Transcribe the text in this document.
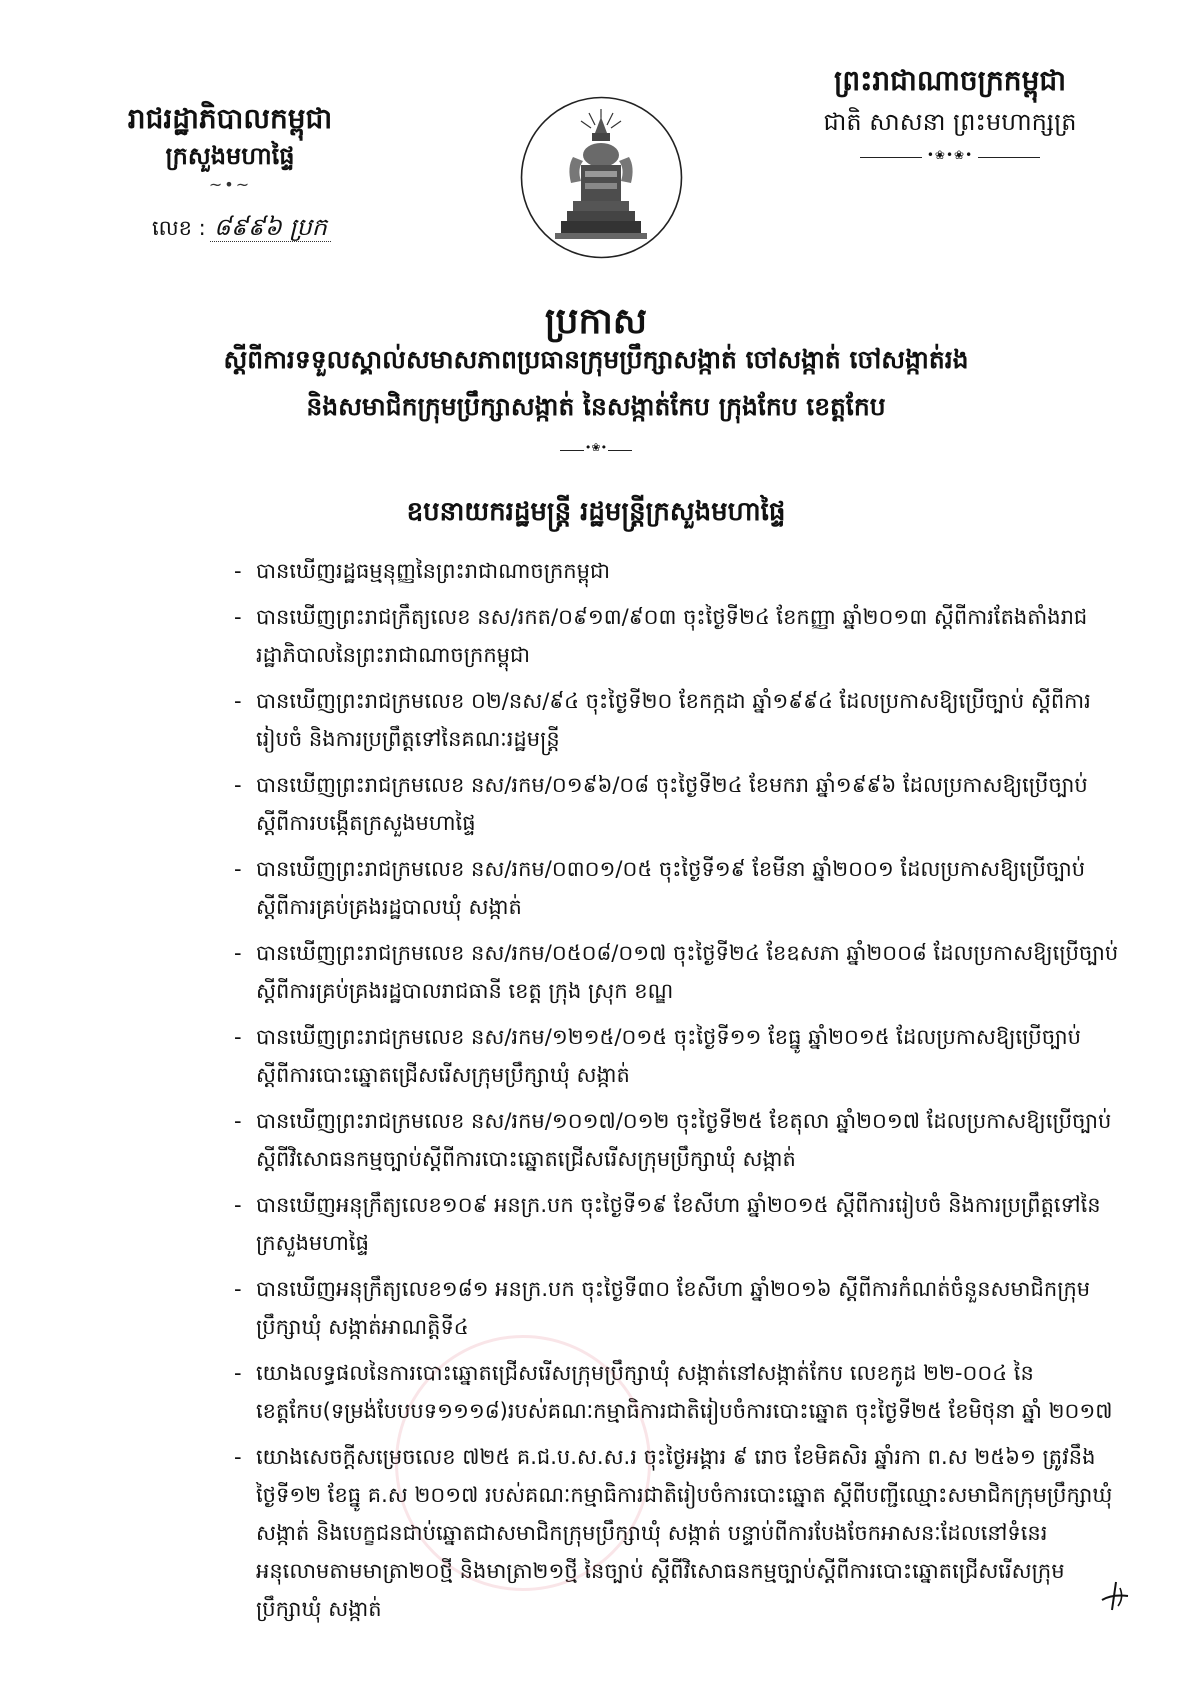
រាជរដ្ឋាភិបាលកម្ពុជា
ក្រសួងមហាផ្ទៃ
~•~
លេខ : ៨៩៩៦ ប្រក
ព្រះរាជាណាចក្រកម្ពុជា
ជាតិ សាសនា ព្រះមហាក្សត្រ
•❀•❀•
ប្រកាស
ស្តីពីការទទួលស្គាល់សមាសភាពប្រធានក្រុមប្រឹក្សាសង្កាត់ ចៅសង្កាត់ ចៅសង្កាត់រង
និងសមាជិកក្រុមប្រឹក្សាសង្កាត់ នៃសង្កាត់កែប ក្រុងកែប ខេត្តកែប
•❀•
ឧបនាយករដ្ឋមន្ត្រី រដ្ឋមន្ត្រីក្រសួងមហាផ្ទៃ
- បានឃើញរដ្ឋធម្មនុញ្ញនៃព្រះរាជាណាចក្រកម្ពុជា
- បានឃើញព្រះរាជក្រឹត្យលេខ នស/រកត/០៩១៣/៩០៣ ចុះថ្ងៃទី២៤ ខែកញ្ញា ឆ្នាំ២០១៣ ស្តីពីការតែងតាំងរាជរដ្ឋាភិបាលនៃព្រះរាជាណាចក្រកម្ពុជា
- បានឃើញព្រះរាជក្រមលេខ ០២/នស/៩៤ ចុះថ្ងៃទី២០ ខែកក្កដា ឆ្នាំ១៩៩៤ ដែលប្រកាសឱ្យប្រើច្បាប់ ស្តីពីការរៀបចំ និងការប្រព្រឹត្តទៅនៃគណៈរដ្ឋមន្ត្រី
- បានឃើញព្រះរាជក្រមលេខ នស/រកម/០១៩៦/០៨ ចុះថ្ងៃទី២៤ ខែមករា ឆ្នាំ១៩៩៦ ដែលប្រកាសឱ្យប្រើច្បាប់ ស្តីពីការបង្កើតក្រសួងមហាផ្ទៃ
- បានឃើញព្រះរាជក្រមលេខ នស/រកម/០៣០១/០៥ ចុះថ្ងៃទី១៩ ខែមីនា ឆ្នាំ២០០១ ដែលប្រកាសឱ្យប្រើច្បាប់ ស្តីពីការគ្រប់គ្រងរដ្ឋបាលឃុំ សង្កាត់
- បានឃើញព្រះរាជក្រមលេខ នស/រកម/០៥០៨/០១៧ ចុះថ្ងៃទី២៤ ខែឧសភា ឆ្នាំ២០០៨ ដែលប្រកាសឱ្យប្រើច្បាប់ ស្តីពីការគ្រប់គ្រងរដ្ឋបាលរាជធានី ខេត្ត ក្រុង ស្រុក ខណ្ឌ
- បានឃើញព្រះរាជក្រមលេខ នស/រកម/១២១៥/០១៥ ចុះថ្ងៃទី១១ ខែធ្នូ ឆ្នាំ២០១៥ ដែលប្រកាសឱ្យប្រើច្បាប់ ស្តីពីការបោះឆ្នោតជ្រើសរើសក្រុមប្រឹក្សាឃុំ សង្កាត់
- បានឃើញព្រះរាជក្រមលេខ នស/រកម/១០១៧/០១២ ចុះថ្ងៃទី២៥ ខែតុលា ឆ្នាំ២០១៧ ដែលប្រកាសឱ្យប្រើច្បាប់ ស្តីពីវិសោធនកម្មច្បាប់ស្តីពីការបោះឆ្នោតជ្រើសរើសក្រុមប្រឹក្សាឃុំ សង្កាត់
- បានឃើញអនុក្រឹត្យលេខ១០៩ អនក្រ.បក ចុះថ្ងៃទី១៩ ខែសីហា ឆ្នាំ២០១៥ ស្តីពីការរៀបចំ និងការប្រព្រឹត្តទៅនៃក្រសួងមហាផ្ទៃ
- បានឃើញអនុក្រឹត្យលេខ១៨១ អនក្រ.បក ចុះថ្ងៃទី៣០ ខែសីហា ឆ្នាំ២០១៦ ស្តីពីការកំណត់ចំនួនសមាជិកក្រុមប្រឹក្សាឃុំ សង្កាត់អាណត្តិទី៤
- យោងលទ្ធផលនៃការបោះឆ្នោតជ្រើសរើសក្រុមប្រឹក្សាឃុំ សង្កាត់នៅសង្កាត់កែប លេខកូដ ២២-០០៤ នៃខេត្តកែប(ទម្រង់បែបបទ១១១៨)របស់គណៈកម្មាធិការជាតិរៀបចំការបោះឆ្នោត ចុះថ្ងៃទី២៥ ខែមិថុនា ឆ្នាំ ២០១៧
- យោងសេចក្តីសម្រេចលេខ ៧២៥ គ.ជ.ប.ស.ស.រ ចុះថ្ងៃអង្គារ ៩ រោច ខែមិគសិរ ឆ្នាំរកា ព.ស ២៥៦១ ត្រូវនឹងថ្ងៃទី១២ ខែធ្នូ គ.ស ២០១៧ របស់គណៈកម្មាធិការជាតិរៀបចំការបោះឆ្នោត ស្តីពីបញ្ជីឈ្មោះសមាជិកក្រុមប្រឹក្សាឃុំ សង្កាត់ និងបេក្ខជនជាប់ឆ្នោតជាសមាជិកក្រុមប្រឹក្សាឃុំ សង្កាត់ បន្ទាប់ពីការបែងចែកអាសនៈដែលនៅទំនេរអនុលោមតាមមាត្រា២០ថ្មី និងមាត្រា២១ថ្មី នៃច្បាប់ ស្តីពីវិសោធនកម្មច្បាប់ស្តីពីការបោះឆ្នោតជ្រើសរើសក្រុមប្រឹក្សាឃុំ សង្កាត់
